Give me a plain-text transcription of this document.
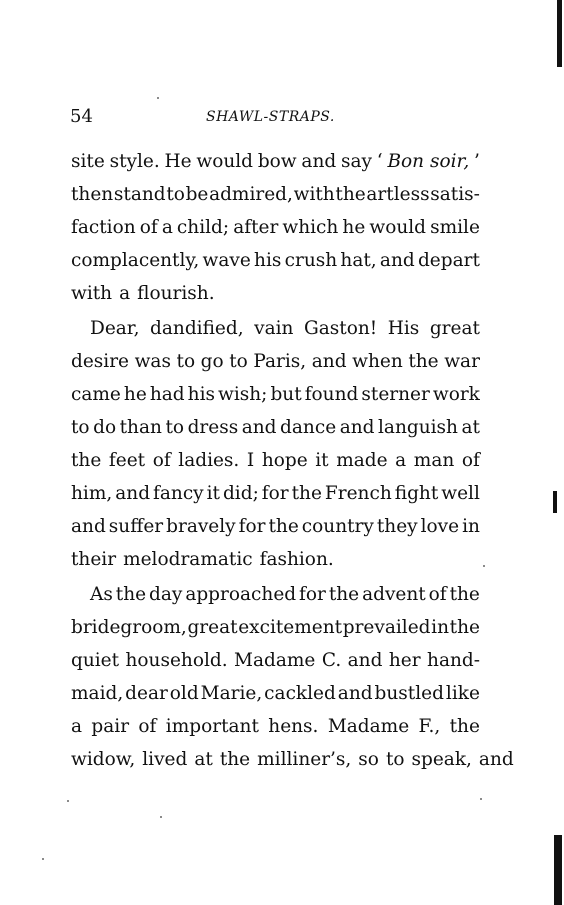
54	SHAWL-STRAPS.
site style. He would bow and say ‘ Bon soir, ’
then stand to be admired, with the artless satis-
faction of a child; after which he would smile
complacently, wave his crush hat, and depart
with a flourish.
Dear, dandified, vain Gaston! His great
desire was to go to Paris, and when the war
came he had his wish; but found sterner work
to do than to dress and dance and languish at
the feet of ladies. I hope it made a man of
him, and fancy it did; for the French fight well
and suffer bravely for the country they love in
their melodramatic fashion.
As the day approached for the advent of the
bridegroom, great excitement prevailed in the
quiet household. Madame C. and her hand-
maid, dear old Marie, cackled and bustled like
a pair of important hens. Madame F., the
widow, lived at the milliner’s, so to speak, and
